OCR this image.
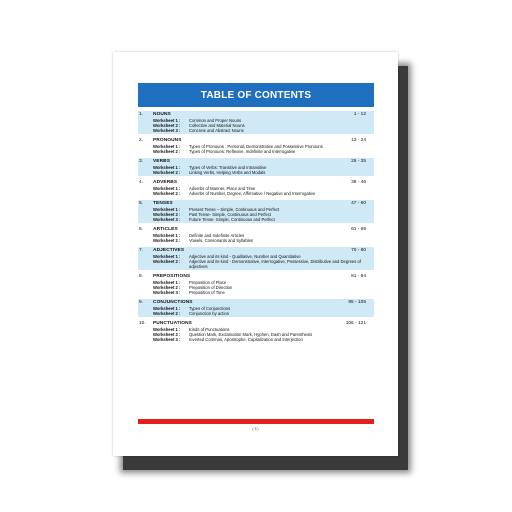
TABLE OF CONTENTS
1. NOUNS	1 - 12
Worksheet 1 :	Common and Proper Nouns
Worksheet 2 :	Collective and Material Nouns
Worksheet 3 :	Concrete and Abstract Nouns
2. PRONOUNS	13 - 24
Worksheet 1 :	Types of Pronouns : Personal, Demonstrative and Possessive Pronouns
Worksheet 2 :	Types of Pronouns: Reflexive, Indefinite and Interrogative
3. VERBS	25 - 35
Worksheet 1 :	Types of Verbs: Transitive and Intransitive
Worksheet 2 :	Linking Verbs, Helping Verbs and Modals
4. ADVERBS	36 - 46
Worksheet 1 :	Adverbs of Manner, Place and Time
Worksheet 2 :	Adverbs of Number, Degree, Affirmative / Negative and Interrogative
5. TENSES	47 - 60
Worksheet 1 :	Present Tense – Simple, Continuous and Perfect
Worksheet 2 :	Past Tense- Simple, Continuous and Perfect
Worksheet 3 :	Future Tense- Simple, Continuous and Perfect
6. ARTICLES	61 - 69
Worksheet 1 :	Definite and Indefinite Articles
Worksheet 2 :	Vowels, Consonants and Syllables
7. ADJECTIVES	70 - 80
Worksheet 1 :	Adjective and its kind - Qualitative, Number and Quantitative
Worksheet 2 :	Adjective and its kind - Demonstrative, Interrogative, Possessive, Distributive and Degrees of adjectives
8. PREPOSITIONS	81 - 94
Worksheet 1 :	Preposition of Place
Worksheet 2 :	Preposition of Direction
Worksheet 3 :	Preposition of Time
9. CONJUNCTIONS	95 - 105
Worksheet 1 :	Types of Conjunctions
Worksheet 2 :	Conjunction by action
10. PUNCTUATIONS	106 - 121
Worksheet 1 :	Kinds of Punctuations
Worksheet 2 :	Question Mark, Exclamation Mark, Hyphen, Dash and Parenthesis
Worksheet 3 :	Inverted Commas, Apostrophe, Capitalization and Interjection
( 3 )
